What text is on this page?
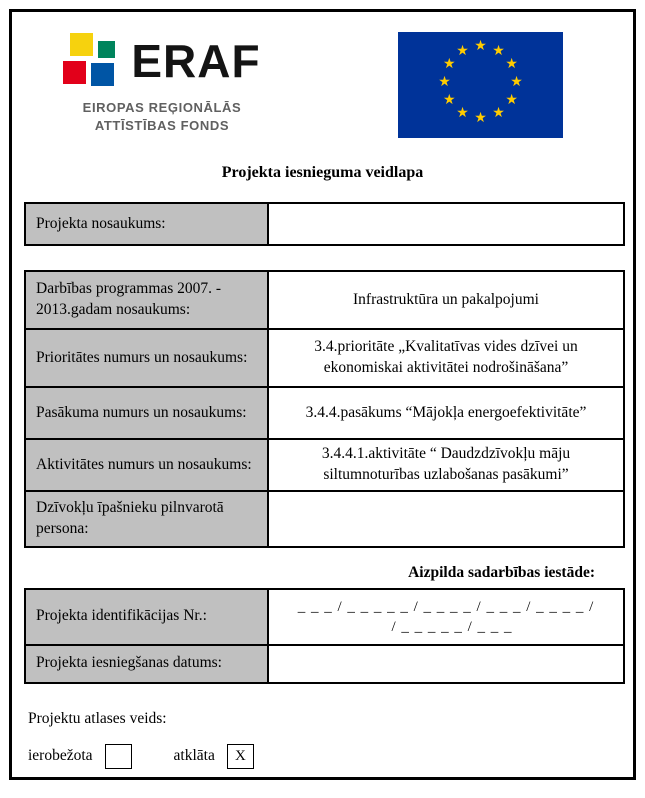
ERAF
EIROPAS REĢIONĀLĀS
ATTĪSTĪBAS FONDS
★
★
★
★
★
★
★
★
★
★
★
★
Projekta iesnieguma veidlapa
Projekta nosaukums:	
Darbības programmas 2007. - 2013.gadam nosaukums:	Infrastruktūra un pakalpojumi
Prioritātes numurs un nosaukums:	3.4.prioritāte „Kvalitatīvas vides dzīvei un ekonomiskai aktivitātei nodrošināšana”
Pasākuma numurs un nosaukums:	3.4.4.pasākums “Mājokļa energoefektivitāte”
Aktivitātes numurs un nosaukums:	3.4.4.1.aktivitāte “ Daudzdzīvokļu māju siltumnoturības uzlabošanas pasākumi”
Dzīvokļu īpašnieku pilnvarotā persona:	
Aizpilda sadarbības iestāde:
Projekta identifikācijas Nr.:	_ _ _ / _ _ _ _ _ / _ _ _ _ / _ _ _ / _ _ _ _ /
/ _ _ _ _ _ / _ _ _

Projekta iesniegšanas datums:	
Projektu atlases veids:
ierobežota	atklāta	X
